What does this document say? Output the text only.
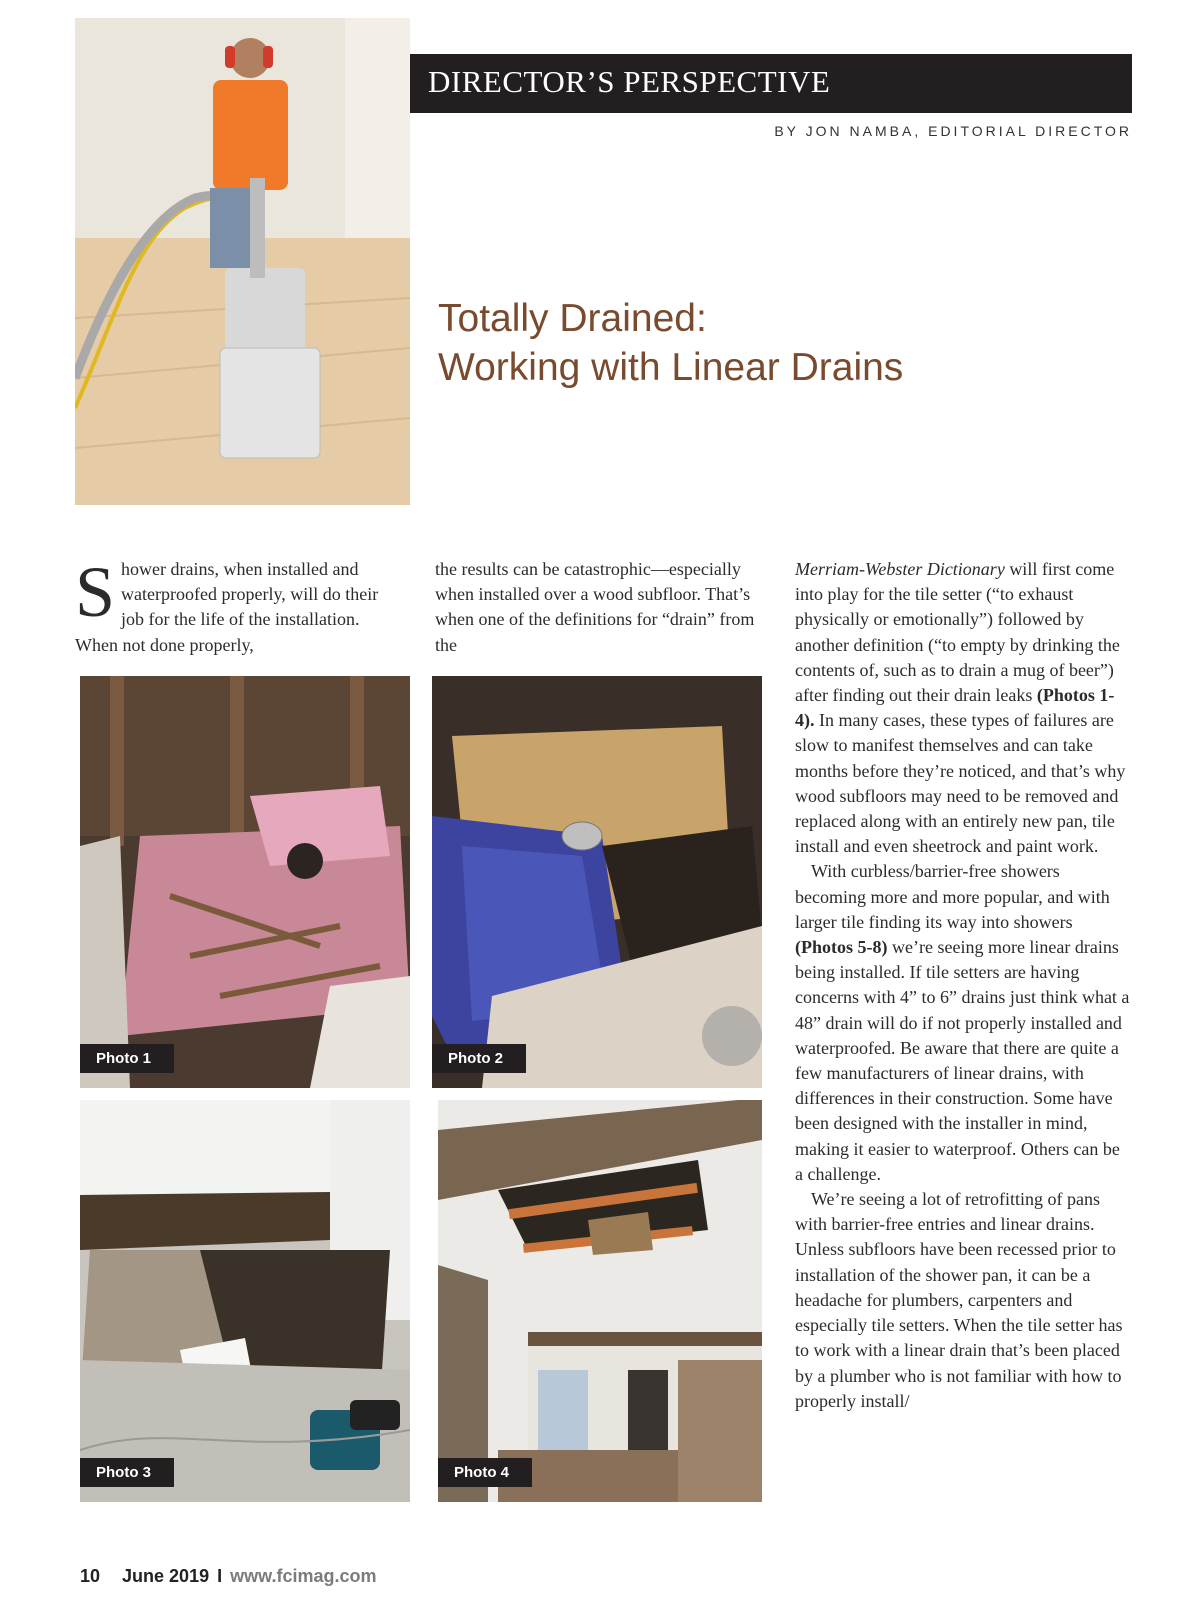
DIRECTOR’S PERSPECTIVE
BY JON NAMBA, EDITORIAL DIRECTOR
Totally Drained:
Working with Linear Drains

Shower drains, when installed and waterproofed properly, will do their job for the life of the installation. When not done properly,

the results can be catastrophic—especially when installed over a wood subfloor. That’s when one of the definitions for “drain” from the

Merriam-Webster Dictionary will first come into play for the tile setter (“to exhaust physically or emotionally”) followed by another definition (“to empty by drinking the contents of, such as to drain a mug of beer”) after finding out their drain leaks (Photos 1-4). In many cases, these types of failures are slow to manifest themselves and can take months before they’re noticed, and that’s why wood subfloors may need to be removed and replaced along with an entirely new pan, tile install and even sheetrock and paint work.

With curbless/barrier-free showers becoming more and more popular, and with larger tile finding its way into showers (Photos 5-8) we’re seeing more linear drains being installed. If tile setters are having concerns with 4” to 6” drains just think what a 48” drain will do if not properly installed and waterproofed. Be aware that there are quite a few manufacturers of linear drains, with differences in their construction. Some have been designed with the installer in mind, making it easier to waterproof. Others can be a challenge.

We’re seeing a lot of retrofitting of pans with barrier-free entries and linear drains. Unless subfloors have been recessed prior to installation of the shower pan, it can be a headache for plumbers, carpenters and especially tile setters. When the tile setter has to work with a linear drain that’s been placed by a plumber who is not familiar with how to properly install/

Photo 1	Photo 2
Photo 3	Photo 4
10 June 2019 I www.fcimag.com
